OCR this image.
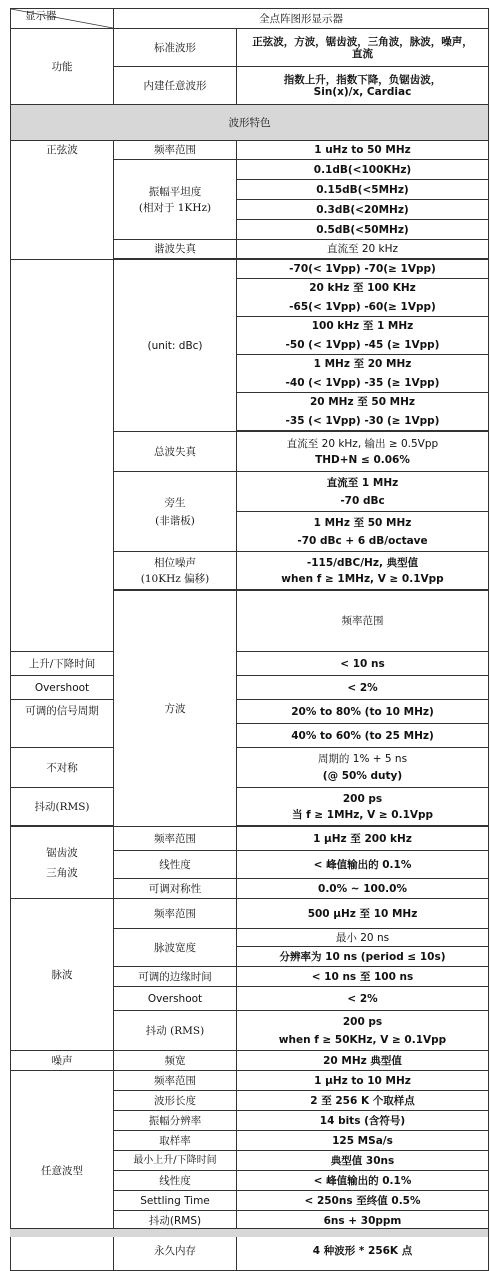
显示器	全点阵图形显示器		
功能	标准波形	正弦波，方波，锯齿波，三角波，脉波，噪声，
直流	

	内建任意波形	指数上升，指数下降，负锯齿波，
Sin(x)/x, Cardiac	

波形特色			
正弦波	频率范围	1 uHz to 50 MHz	

	振幅平坦度
(相对于 1KHz)	0.1dB(<100KHz)	
		0.15dB(<5MHz)	
		0.3dB(<20MHz)	
		0.5dB(<50MHz)	
	谐波失真	直流至 20 kHz	

	(unit: dBc)	-70(< 1Vpp) -70(≥ 1Vpp)	

		20 kHz 至 100 KHz
-65(< 1Vpp) -60(≥ 1Vpp)	

		100 kHz 至 1 MHz
-50 (< 1Vpp) -45 (≥ 1Vpp)	

		1 MHz 至 20 MHz
-40 (< 1Vpp) -35 (≥ 1Vpp)	

		20 MHz 至 50 MHz
-35 (< 1Vpp) -30 (≥ 1Vpp)	

	总波失真	直流至 20 kHz, 输出 ≥ 0.5Vpp
THD+N ≤ 0.06%	

	旁生
(非谐板)	直流至 1 MHz
-70 dBc	

		1 MHz 至 50 MHz
-70 dBc + 6 dB/octave	

	相位噪声
(10KHz 偏移)	-115/dBC/Hz, 典型值
when f ≥ 1MHz, V ≥ 0.1Vpp	

	方波	频率范围	
上升/下降时间		< 10 ns	
Overshoot		< 2%	
可调的信号周期		20% to 80% (to 10 MHz)	
		40% to 60% (to 25 MHz)	
不对称		周期的 1% + 5 ns
(@ 50% duty)	

抖动(RMS)		200 ps
当 f ≥ 1MHz, V ≥ 0.1Vpp	

锯齿波
三角波	频率范围	1 µHz 至 200 kHz	
	线性度	< 峰值输出的 0.1%	
	可调对称性	0.0% ~ 100.0%	
脉波	频率范围	500 µHz 至 10 MHz	
	脉波宽度	最小 20 ns	
		分辨率为 10 ns (period ≤ 10s)	
	可调的边缘时间	< 10 ns 至 100 ns	
	Overshoot	< 2%	
	抖动 (RMS)	200 ps
when f ≥ 50KHz, V ≥ 0.1Vpp	

噪声	频宽	20 MHz 典型值	
任意波型	频率范围	1 µHz to 10 MHz	
	波形长度	2 至 256 K 个取样点	
	振幅分辨率	14 bits (含符号)	
	取样率	125 MSa/s	
	最小上升/下降时间	典型值 30ns	
	线性度	< 峰值输出的 0.1%	
	Settling Time	< 250ns 至终值 0.5%	
	抖动(RMS)	6ns + 30ppm	
	永久内存	4 种波形 * 256K 点	
